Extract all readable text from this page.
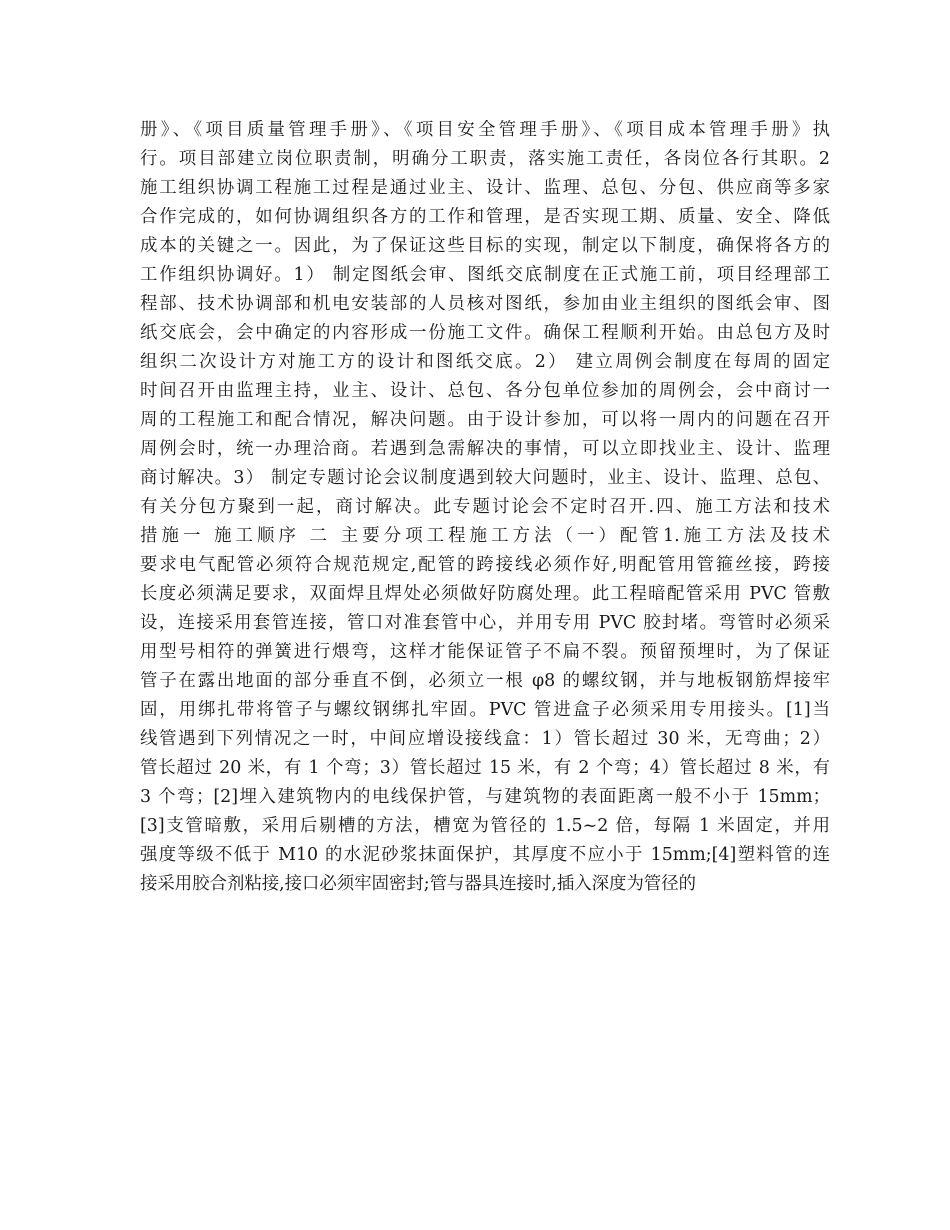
册》、《项目质量管理手册》、《项目安全管理手册》、《项目成本管理手册》执
行。项目部建立岗位职责制，明确分工职责，落实施工责任，各岗位各行其职。2
施工组织协调工程施工过程是通过业主、设计、监理、总包、分包、供应商等多家
合作完成的，如何协调组织各方的工作和管理，是否实现工期、质量、安全、降低
成本的关键之一。因此，为了保证这些目标的实现，制定以下制度，确保将各方的
工作组织协调好。1） 制定图纸会审、图纸交底制度在正式施工前，项目经理部工
程部、技术协调部和机电安装部的人员核对图纸，参加由业主组织的图纸会审、图
纸交底会，会中确定的内容形成一份施工文件。确保工程顺利开始。由总包方及时
组织二次设计方对施工方的设计和图纸交底。2） 建立周例会制度在每周的固定
时间召开由监理主持，业主、设计、总包、各分包单位参加的周例会，会中商讨一
周的工程施工和配合情况，解决问题。由于设计参加，可以将一周内的问题在召开
周例会时，统一办理洽商。若遇到急需解决的事情，可以立即找业主、设计、监理
商讨解决。3） 制定专题讨论会议制度遇到较大问题时，业主、设计、监理、总包、
有关分包方聚到一起，商讨解决。此专题讨论会不定时召开.四、施工方法和技术
措施一 施工顺序 二 主要分项工程施工方法（一）配管1.施工方法及技术
要求电气配管必须符合规范规定,配管的跨接线必须作好,明配管用管箍丝接，跨接
长度必须满足要求，双面焊且焊处必须做好防腐处理。此工程暗配管采用 PVC 管敷
设，连接采用套管连接，管口对准套管中心，并用专用 PVC 胶封堵。弯管时必须采
用型号相符的弹簧进行煨弯，这样才能保证管子不扁不裂。预留预埋时，为了保证
管子在露出地面的部分垂直不倒，必须立一根 φ8 的螺纹钢，并与地板钢筋焊接牢
固，用绑扎带将管子与螺纹钢绑扎牢固。PVC 管进盒子必须采用专用接头。[1]当
线管遇到下列情况之一时，中间应增设接线盒：1）管长超过 30 米，无弯曲；2）
管长超过 20 米，有 1 个弯；3）管长超过 15 米，有 2 个弯；4）管长超过 8 米，有
3 个弯；[2]埋入建筑物内的电线保护管，与建筑物的表面距离一般不小于 15mm；
[3]支管暗敷，采用后剔槽的方法，槽宽为管径的 1.5~2 倍，每隔 1 米固定，并用
强度等级不低于 M10 的水泥砂浆抹面保护，其厚度不应小于 15mm;[4]塑料管的连
接采用胶合剂粘接,接口必须牢固密封;管与器具连接时,插入深度为管径的
